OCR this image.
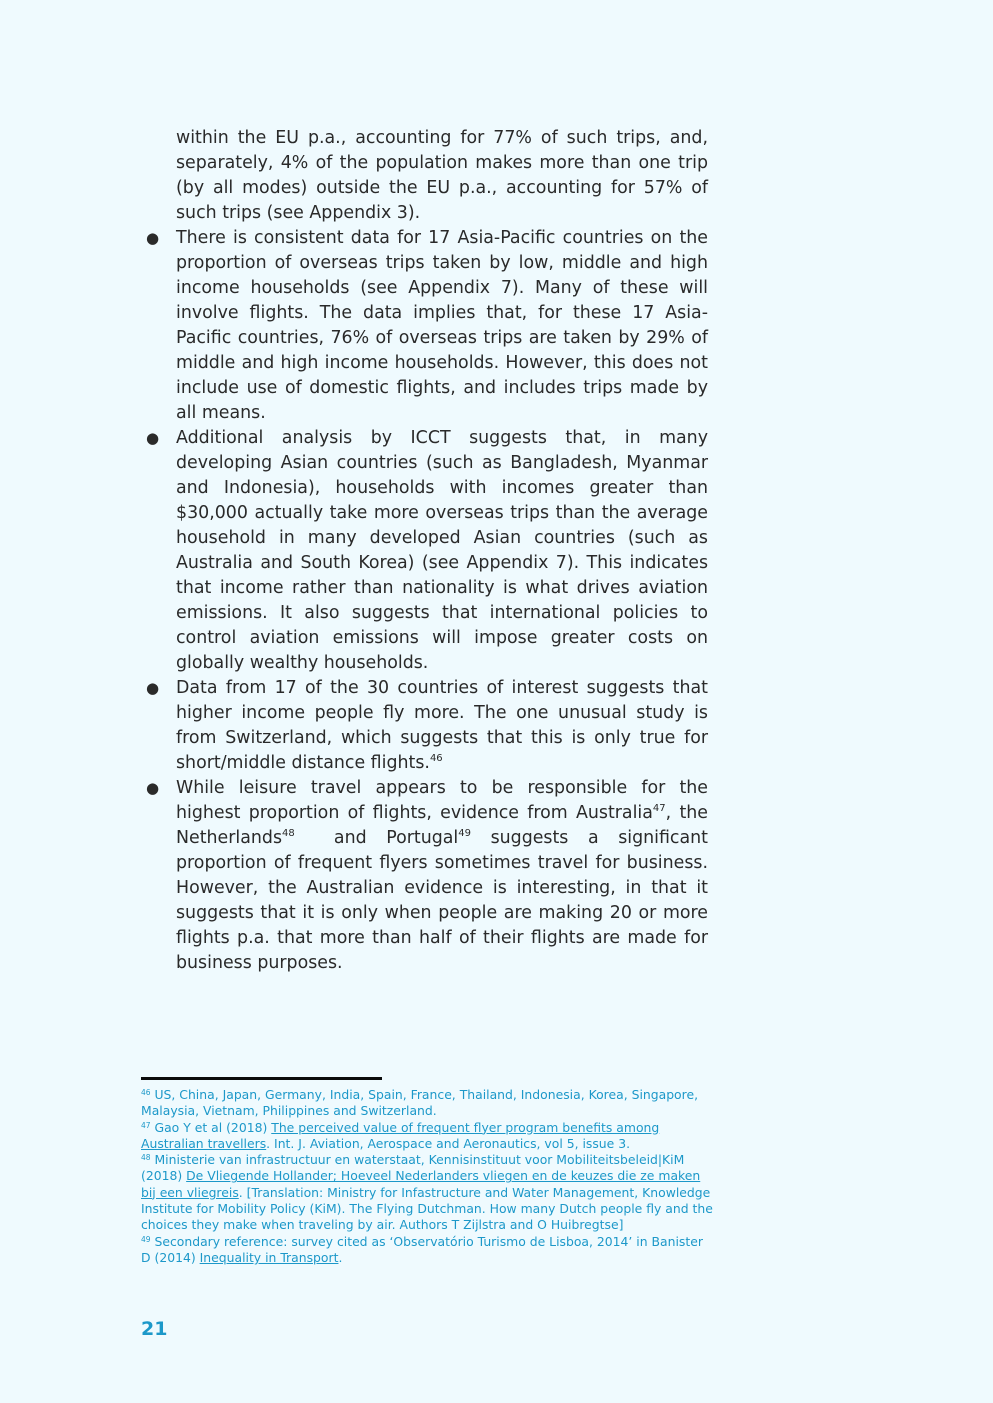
within the EU p.a., accounting for 77% of such trips, and, separately, 4% of the population makes more than one trip (by all modes) outside the EU p.a., accounting for 57% of such trips (see Appendix 3).

● There is consistent data for 17 Asia-Pacific countries on the proportion of overseas trips taken by low, middle and high income households (see Appendix 7). Many of these will involve flights. The data implies that, for these 17 Asia-Pacific countries, 76% of overseas trips are taken by 29% of middle and high income households. However, this does not include use of domestic flights, and includes trips made by all means.
● Additional analysis by ICCT suggests that, in many developing Asian countries (such as Bangladesh, Myanmar and Indonesia), households with incomes greater than $30,000 actually take more overseas trips than the average household in many developed Asian countries (such as Australia and South Korea) (see Appendix 7). This indicates that income rather than nationality is what drives aviation emissions. It also suggests that international policies to control aviation emissions will impose greater costs on globally wealthy households.
● Data from 17 of the 30 countries of interest suggests that higher income people fly more. The one unusual study is from Switzerland, which suggests that this is only true for short/middle distance flights.$^{46}$
● While leisure travel appears to be responsible for the highest proportion of flights, evidence from Australia$^{47}$, the Netherlands$^{48}$  and Portugal$^{49}$ suggests a significant proportion of frequent flyers sometimes travel for business. However, the Australian evidence is interesting, in that it suggests that it is only when people are making 20 or more flights p.a. that more than half of their flights are made for business purposes.

$^{46}$ US, China, Japan, Germany, India, Spain, France, Thailand, Indonesia, Korea, Singapore, Malaysia, Vietnam, Philippines and Switzerland.

$^{47}$ Gao Y et al (2018) The perceived value of frequent flyer program benefits among Australian travellers. Int. J. Aviation, Aerospace and Aeronautics, vol 5, issue 3.

$^{48}$ Ministerie van infrastructuur en waterstaat, Kennisinstituut voor Mobiliteitsbeleid|KiM (2018) De Vliegende Hollander; Hoeveel Nederlanders vliegen en de keuzes die ze maken bij een vliegreis. [Translation: Ministry for Infastructure and Water Management, Knowledge Institute for Mobility Policy (KiM). The Flying Dutchman. How many Dutch people fly and the choices they make when traveling by air. Authors T Zijlstra and O Huibregtse]

$^{49}$ Secondary reference: survey cited as ‘Observatório Turismo de Lisboa, 2014’ in Banister D (2014) Inequality in Transport.

21
